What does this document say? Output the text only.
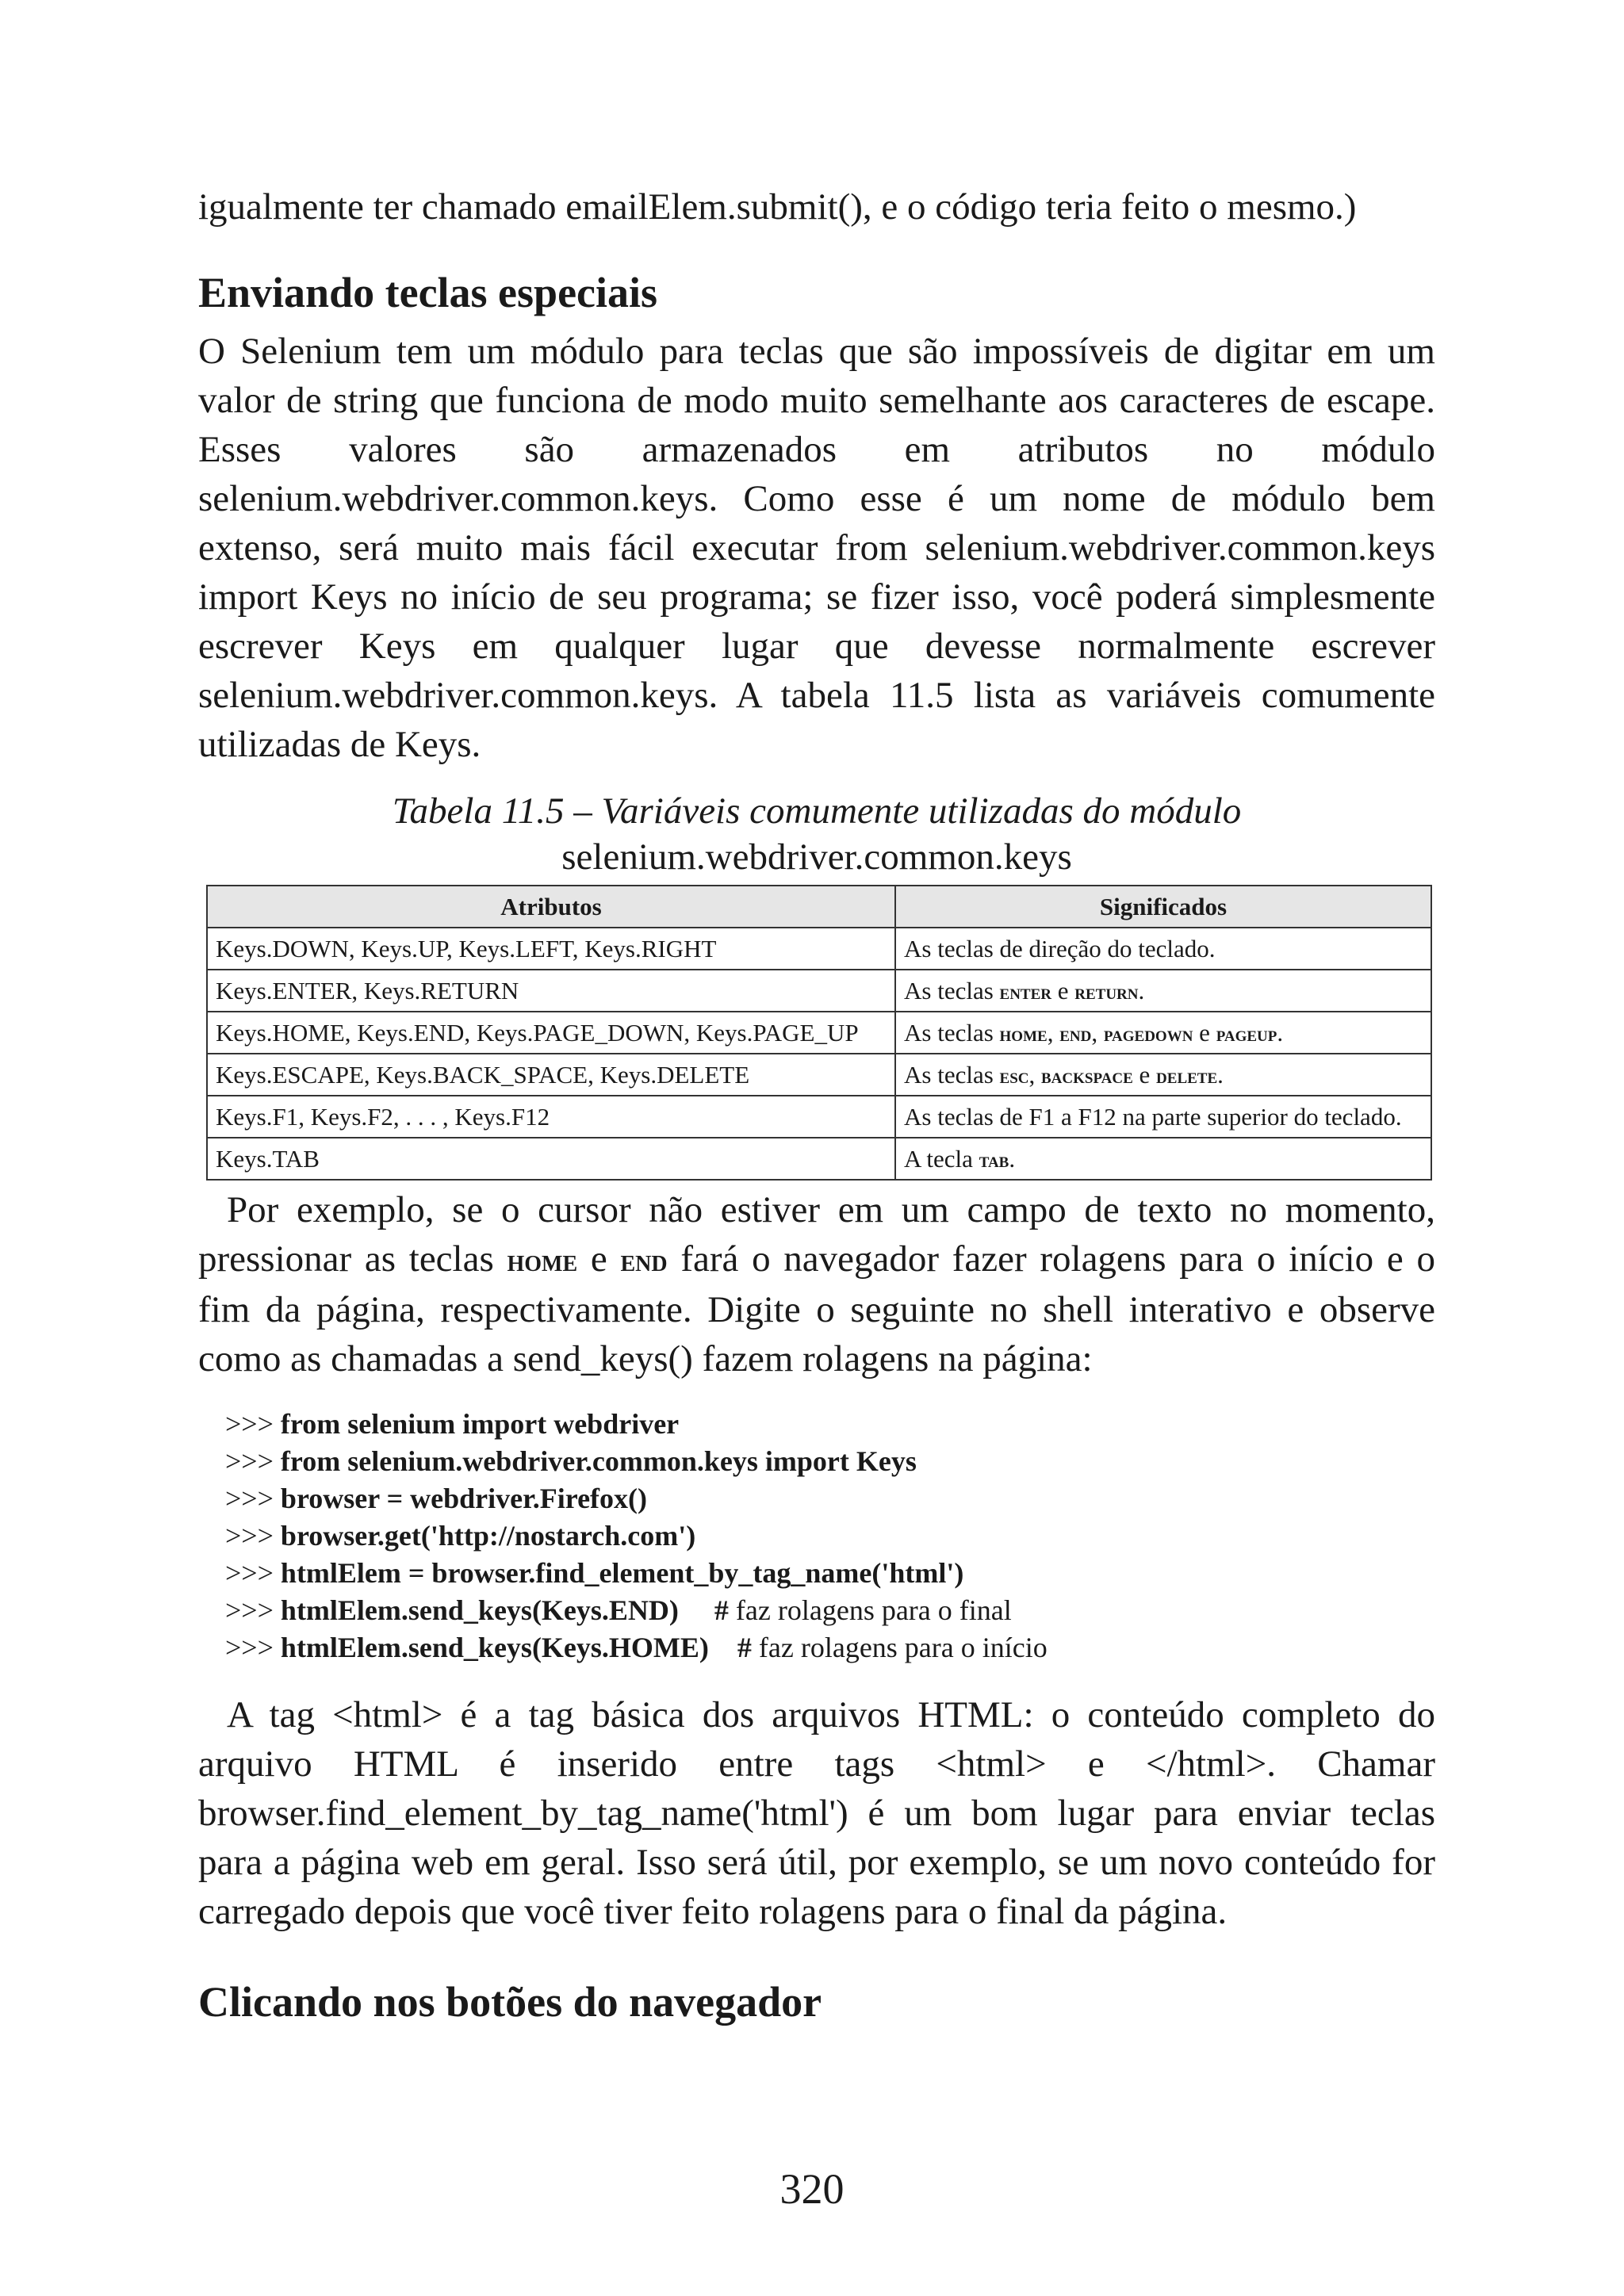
igualmente ter chamado emailElem.submit(), e o código teria feito o mesmo.)

Enviando teclas especiais

O Selenium tem um módulo para teclas que são impossíveis de digitar em um valor de string que funciona de modo muito semelhante aos caracteres de escape. Esses valores são armazenados em atributos no módulo selenium.webdriver.common.keys. Como esse é um nome de módulo bem extenso, será muito mais fácil executar from selenium.webdriver.common.keys import Keys no início de seu programa; se fizer isso, você poderá simplesmente escrever Keys em qualquer lugar que devesse normalmente escrever selenium.webdriver.common.keys. A tabela 11.5 lista as variáveis comumente utilizadas de Keys.

Tabela 11.5 – Variáveis comumente utilizadas do módulo

selenium.webdriver.common.keys

Atributos	Significados
Keys.DOWN, Keys.UP, Keys.LEFT, Keys.RIGHT	As teclas de direção do teclado.
Keys.ENTER, Keys.RETURN	As teclas enter e return.
Keys.HOME, Keys.END, Keys.PAGE_DOWN, Keys.PAGE_UP	As teclas home, end, pagedown e pageup.
Keys.ESCAPE, Keys.BACK_SPACE, Keys.DELETE	As teclas esc, backspace e delete.
Keys.F1, Keys.F2, . . . , Keys.F12	As teclas de F1 a F12 na parte superior do teclado.
Keys.TAB	A tecla tab.

Por exemplo, se o cursor não estiver em um campo de texto no momento, pressionar as teclas home e end fará o navegador fazer rolagens para o início e o fim da página, respectivamente. Digite o seguinte no shell interativo e observe como as chamadas a send_keys() fazem rolagens na página:

>>> from selenium import webdriver
>>> from selenium.webdriver.common.keys import Keys
>>> browser = webdriver.Firefox()
>>> browser.get('http://nostarch.com')
>>> htmlElem = browser.find_element_by_tag_name('html')
>>> htmlElem.send_keys(Keys.END) # faz rolagens para o final
>>> htmlElem.send_keys(Keys.HOME) # faz rolagens para o início

A tag <html> é a tag básica dos arquivos HTML: o conteúdo completo do arquivo HTML é inserido entre tags <html> e </html>. Chamar browser.find_element_by_tag_name('html') é um bom lugar para enviar teclas para a página web em geral. Isso será útil, por exemplo, se um novo conteúdo for carregado depois que você tiver feito rolagens para o final da página.

Clicando nos botões do navegador
320
